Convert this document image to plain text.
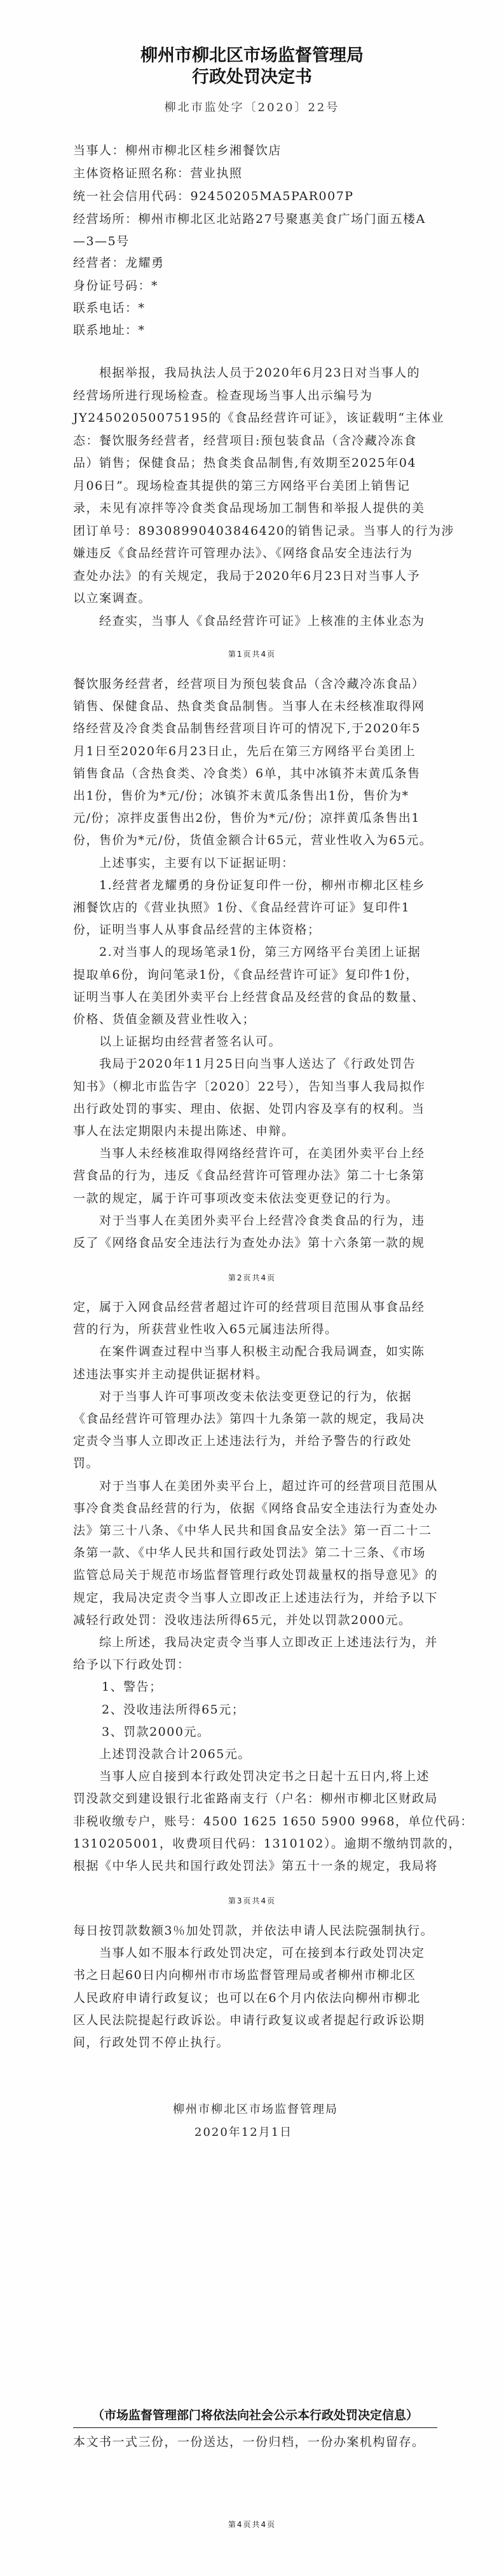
柳州市柳北区市场监督管理局
行政处罚决定书
柳北市监处字〔2020〕22号
当事人：柳州市柳北区桂乡湘餐饮店
主体资格证照名称：营业执照
统一社会信用代码：92450205MA5PAR007P
经营场所：柳州市柳北区北站路27号聚惠美食广场门面五楼A
—3—5号
经营者：龙耀勇
身份证号码：*
联系电话：*
联系地址：*
根据举报，我局执法人员于2020年6月23日对当事人的
经营场所进行现场检查。检查现场当事人出示编号为
JY24502050075195的《食品经营许可证》，该证载明“主体业
态：餐饮服务经营者，经营项目:预包装食品（含冷藏冷冻食
品）销售；保健食品；热食类食品制售,有效期至2025年04
月06日”。现场检查其提供的第三方网络平台美团上销售记
录，未见有凉拌等冷食类食品现场加工制售和举报人提供的美
团订单号：89308990403846420的销售记录。当事人的行为涉
嫌违反《食品经营许可管理办法》、《网络食品安全违法行为
查处办法》的有关规定，我局于2020年6月23日对当事人予
以立案调查。
经查实，当事人《食品经营许可证》上核准的主体业态为
餐饮服务经营者，经营项目为预包装食品（含冷藏冷冻食品）
销售、保健食品、热食类食品制售。当事人在未经核准取得网
络经营及冷食类食品制售经营项目许可的情况下,于2020年5
月1日至2020年6月23日止，先后在第三方网络平台美团上
销售食品（含热食类、冷食类）6单，其中冰镇芥末黄瓜条售
出1份，售价为*元/份；冰镇芥末黄瓜条售出1份，售价为*
元/份；凉拌皮蛋售出2份，售价为*元/份；凉拌黄瓜条售出1
份，售价为*元/份，货值金额合计65元，营业性收入为65元。
上述事实，主要有以下证据证明：
1.经营者龙耀勇的身份证复印件一份，柳州市柳北区桂乡
湘餐饮店的《营业执照》1份、《食品经营许可证》复印件1
份，证明当事人从事食品经营的主体资格；
2.对当事人的现场笔录1份，第三方网络平台美团上证据
提取单6份，询问笔录1份，《食品经营许可证》复印件1份，
证明当事人在美团外卖平台上经营食品及经营的食品的数量、
价格、货值金额及营业性收入；
以上证据均由经营者签名认可。
我局于2020年11月25日向当事人送达了《行政处罚告
知书》（柳北市监告字〔2020〕22号），告知当事人我局拟作
出行政处罚的事实、理由、依据、处罚内容及享有的权利。当
事人在法定期限内未提出陈述、申辩。
当事人未经核准取得网络经营许可，在美团外卖平台上经
营食品的行为，违反《食品经营许可管理办法》第二十七条第
一款的规定，属于许可事项改变未依法变更登记的行为。
对于当事人在美团外卖平台上经营冷食类食品的行为，违
反了《网络食品安全违法行为查处办法》第十六条第一款的规
定，属于入网食品经营者超过许可的经营项目范围从事食品经
营的行为，所获营业性收入65元属违法所得。
在案件调查过程中当事人积极主动配合我局调查，如实陈
述违法事实并主动提供证据材料。
对于当事人许可事项改变未依法变更登记的行为，依据
《食品经营许可管理办法》第四十九条第一款的规定，我局决
定责令当事人立即改正上述违法行为，并给予警告的行政处
罚。
对于当事人在美团外卖平台上，超过许可的经营项目范围从
事冷食类食品经营的行为，依据《网络食品安全违法行为查处办
法》第三十八条、《中华人民共和国食品安全法》第一百二十二
条第一款、《中华人民共和国行政处罚法》第二十三条、《市场
监管总局关于规范市场监督管理行政处罚裁量权的指导意见》的
规定，我局决定责令当事人立即改正上述违法行为，并给予以下
减轻行政处罚：没收违法所得65元，并处以罚款2000元。
综上所述，我局决定责令当事人立即改正上述违法行为，并
给予以下行政处罚：
1、警告；
2、没收违法所得65元；
3、罚款2000元。
上述罚没款合计2065元。
当事人应自接到本行政处罚决定书之日起十五日内,将上述
罚没款交到建设银行北雀路南支行（户名：柳州市柳北区财政局
非税收缴专户，账号：4500 1625 1650 5900 9968，单位代码：
1310205001，收费项目代码：1310102）。逾期不缴纳罚款的，
根据《中华人民共和国行政处罚法》第五十一条的规定，我局将
每日按罚款数额3％加处罚款，并依法申请人民法院强制执行。
当事人如不服本行政处罚决定，可在接到本行政处罚决定
书之日起60日内向柳州市市场监督管理局或者柳州市柳北区
人民政府申请行政复议；也可以在6个月内依法向柳州市柳北
区人民法院提起行政诉讼。申请行政复议或者提起行政诉讼期
间，行政处罚不停止执行。
第1页共4页
第2页共4页
第3页共4页
柳州市柳北区市场监督管理局
2020年12月1日
（市场监督管理部门将依法向社会公示本行政处罚决定信息）
本文书一式三份，一份送达，一份归档，一份办案机构留存。
第4页共4页
